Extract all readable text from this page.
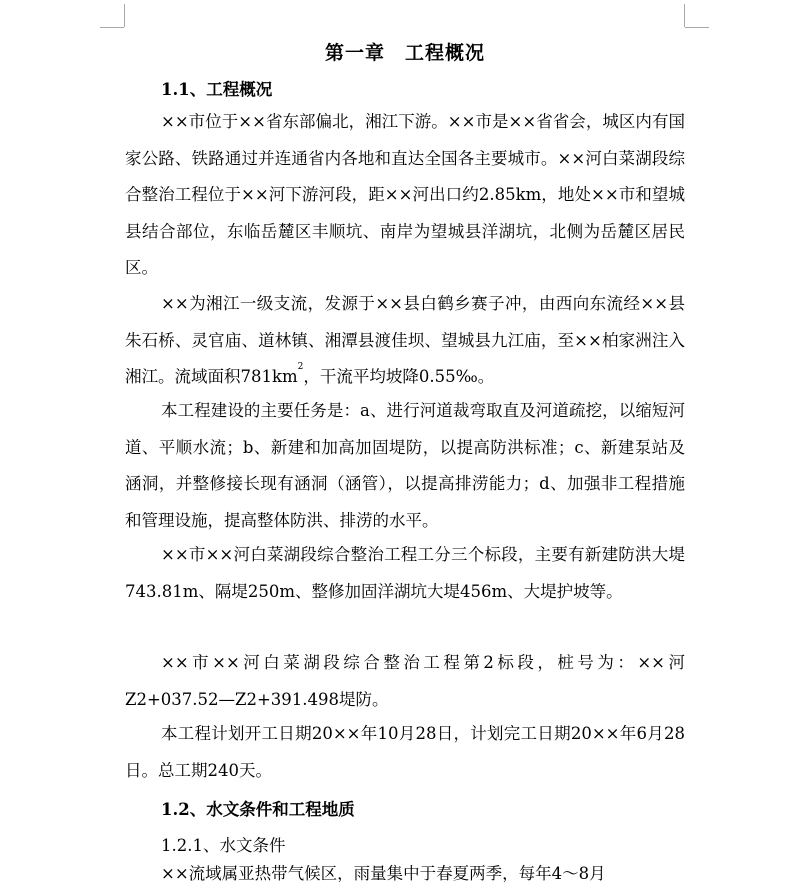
第一章　工程概况
1.1、工程概况

××市位于××省东部偏北，湘江下游。××市是××省省会，城区内有国家公路、铁路通过并连通省内各地和直达全国各主要城市。××河白菜湖段综合整治工程位于××河下游河段，距××河出口约2.85km，地处××市和望城县结合部位，东临岳麓区丰顺坑、南岸为望城县洋湖坑，北侧为岳麓区居民区。

××为湘江一级支流，发源于××县白鹤乡赛子冲，由西向东流经××县朱石桥、灵官庙、道林镇、湘潭县渡佳坝、望城县九江庙，至××柏家洲注入湘江。流域面积$781km^2$，干流平均坡降0.55‰。

本工程建设的主要任务是：a、进行河道裁弯取直及河道疏挖，以缩短河道、平顺水流；b、新建和加高加固堤防，以提高防洪标准；c、新建泵站及涵洞，并整修接长现有涵洞（涵管），以提高排涝能力；d、加强非工程措施和管理设施，提高整体防洪、排涝的水平。

××市××河白菜湖段综合整治工程工分三个标段，主要有新建防洪大堤743.81m、隔堤250m、整修加固洋湖坑大堤456m、大堤护坡等。

××市××河白菜湖段综合整治工程第2标段，桩号为：××河Z2+037.52—Z2+391.498堤防。

本工程计划开工日期20××年10月28日，计划完工日期20××年6月28日。总工期240天。

1.2、水文条件和工程地质
1.2.1、水文条件

××流域属亚热带气候区，雨量集中于春夏两季，每年4～8月
